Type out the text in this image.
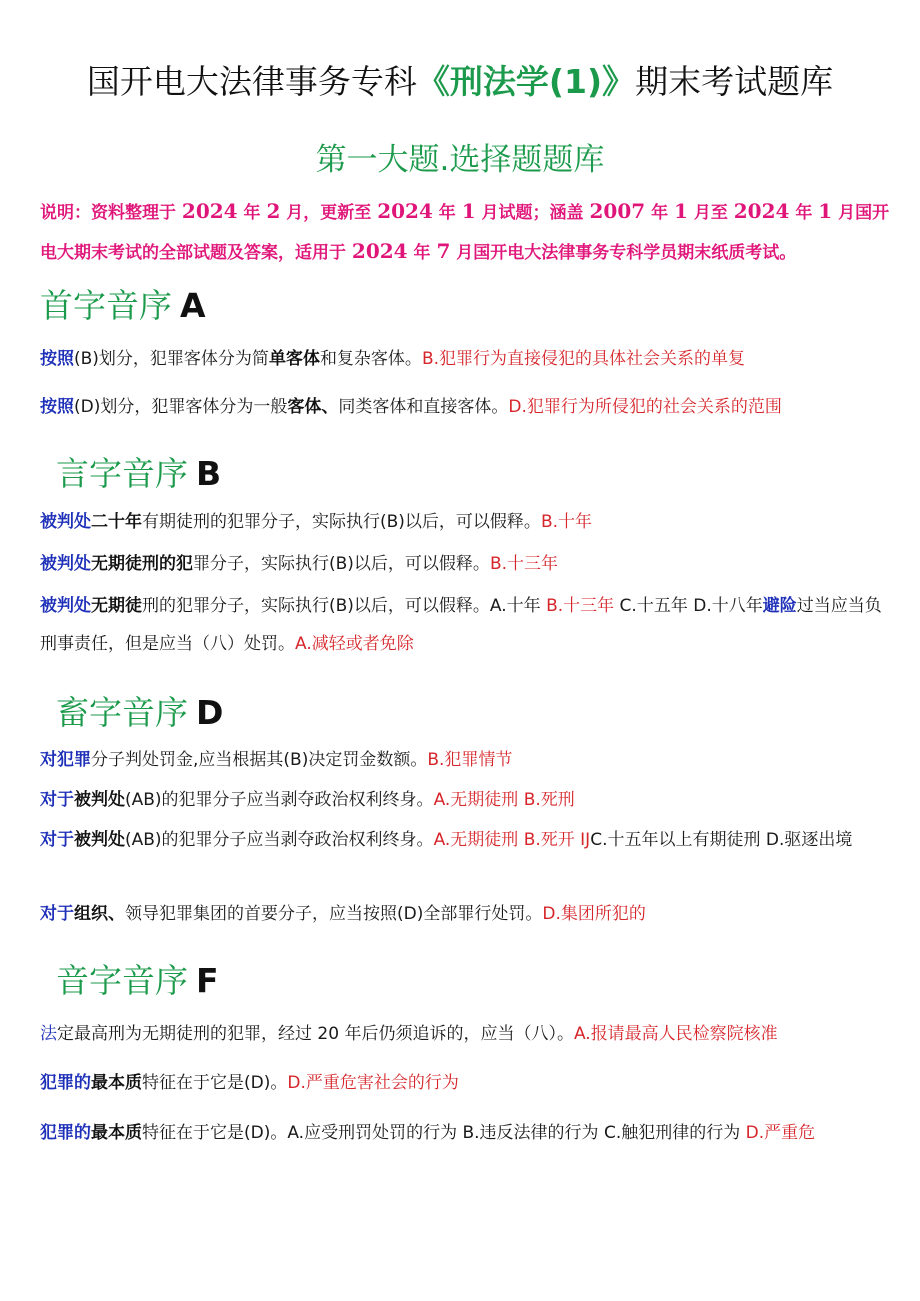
国开电大法律事务专科《刑法学(1)》期末考试题库
第一大题.选择题题库
说明：资料整理于 2024 年 2 月，更新至 2024 年 1 月试题；涵盖 2007 年 1 月至 2024 年 1 月国开电大期末考试的全部试题及答案，适用于 2024 年 7 月国开电大法律事务专科学员期末纸质考试。
首字音序 A
按照(B)划分，犯罪客体分为简单客体和复杂客体。B.犯罪行为直接侵犯的具体社会关系的单复
按照(D)划分，犯罪客体分为一般客体、同类客体和直接客体。D.犯罪行为所侵犯的社会关系的范围
言字音序 B
被判处二十年有期徒刑的犯罪分子，实际执行(B)以后，可以假释。B.十年
被判处无期徒刑的犯罪分子，实际执行(B)以后，可以假释。B.十三年
被判处无期徒刑的犯罪分子，实际执行(B)以后，可以假释。A.十年 B.十三年 C.十五年 D.十八年避险过当应当负刑事责任，但是应当（八）处罚。A.减轻或者免除
畜字音序 D
对犯罪分子判处罚金,应当根据其(B)决定罚金数额。B.犯罪情节
对于被判处(AB)的犯罪分子应当剥夺政治权利终身。A.无期徒刑 B.死刑
对于被判处(AB)的犯罪分子应当剥夺政治权利终身。A.无期徒刑 B.死开 IJC.十五年以上有期徒刑 D.驱逐出境
对于组织、领导犯罪集团的首要分子，应当按照(D)全部罪行处罚。D.集团所犯的
音字音序 F
法定最高刑为无期徒刑的犯罪，经过 20 年后仍须追诉的，应当（八）。A.报请最高人民检察院核准
犯罪的最本质特征在于它是(D)。D.严重危害社会的行为
犯罪的最本质特征在于它是(D)。A.应受刑罚处罚的行为 B.违反法律的行为 C.触犯刑律的行为 D.严重危
